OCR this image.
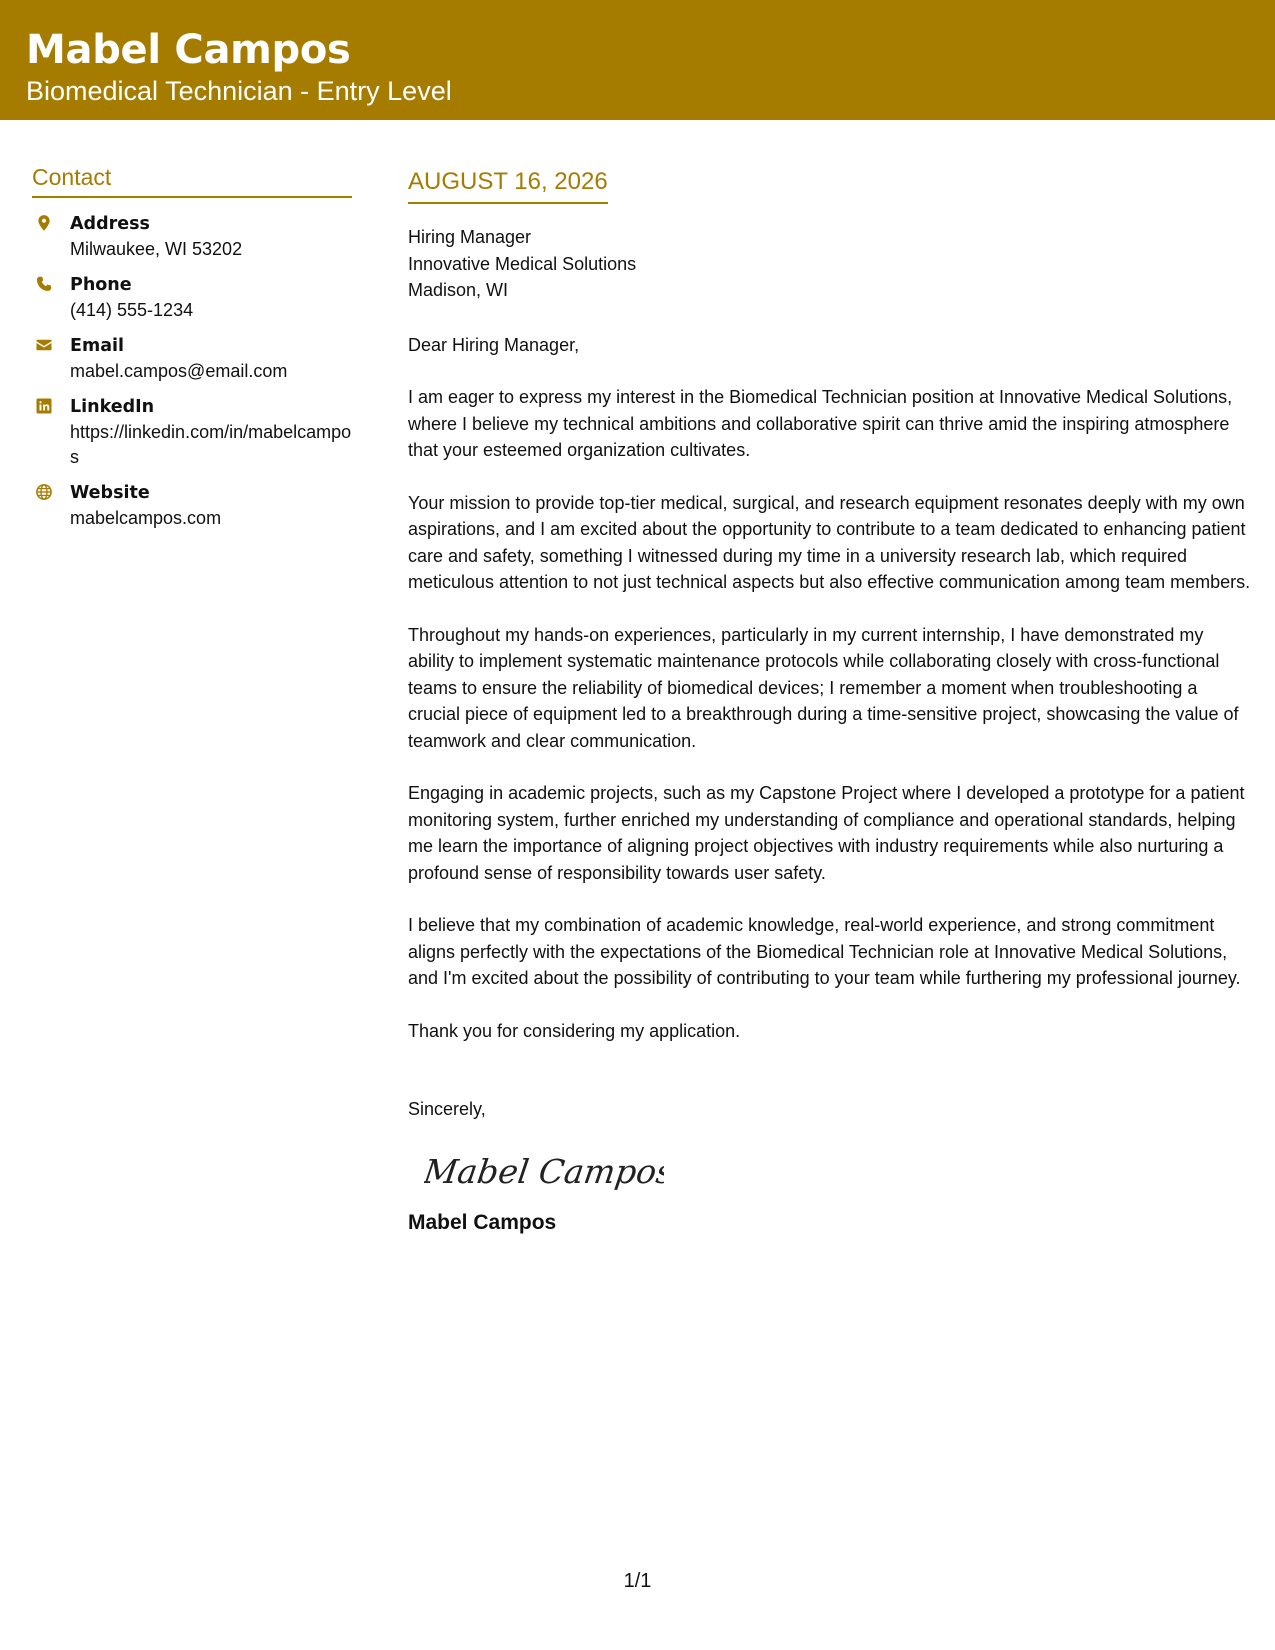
Mabel Campos
Biomedical Technician - Entry Level
Contact
Address
Milwaukee, WI 53202
Phone
(414) 555-1234
Email
mabel.campos@email.com
LinkedIn
https://linkedin.com/in/mabelcampos
Website
mabelcampos.com
AUGUST 16, 2026

Hiring Manager

Innovative Medical Solutions

Madison, WI

Dear Hiring Manager,

I am eager to express my interest in the Biomedical Technician position at Innovative Medical Solutions, where I believe my technical ambitions and collaborative spirit can thrive amid the inspiring atmosphere that your esteemed organization cultivates.

Your mission to provide top-tier medical, surgical, and research equipment resonates deeply with my own aspirations, and I am excited about the opportunity to contribute to a team dedicated to enhancing patient care and safety, something I witnessed during my time in a university research lab, which required meticulous attention to not just technical aspects but also effective communication among team members.

Throughout my hands-on experiences, particularly in my current internship, I have demonstrated my ability to implement systematic maintenance protocols while collaborating closely with cross-functional teams to ensure the reliability of biomedical devices; I remember a moment when troubleshooting a crucial piece of equipment led to a breakthrough during a time-sensitive project, showcasing the value of teamwork and clear communication.

Engaging in academic projects, such as my Capstone Project where I developed a prototype for a patient monitoring system, further enriched my understanding of compliance and operational standards, helping me learn the importance of aligning project objectives with industry requirements while also nurturing a profound sense of responsibility towards user safety.

I believe that my combination of academic knowledge, real-world experience, and strong commitment aligns perfectly with the expectations of the Biomedical Technician role at Innovative Medical Solutions, and I'm excited about the possibility of contributing to your team while furthering my professional journey.

Thank you for considering my application.

Sincerely,

Mabel Campos
Mabel Campos
1/1
